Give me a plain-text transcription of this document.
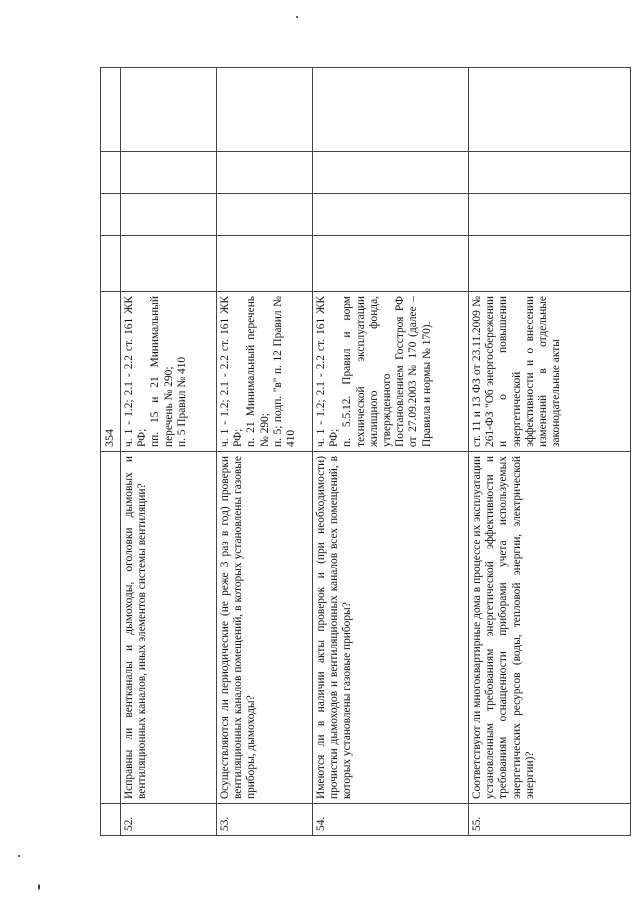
		354				
52.	Исправны ли вентканалы и дымоходы, оголовки дымовых и вентиляционных каналов, иных элементов системы вентиляции?	ч. 1 - 1.2; 2.1 - 2.2 ст. 161 ЖК РФ; пп. 15 и 21 Минимальный перечень № 290; п. 5 Правил № 410				

53.	Осуществляются ли периодические (не реже 3 раз в год) проверки вентиляционных каналов помещений, в которых установлены газовые приборы, дымоходы?	ч. 1 - 1.2; 2.1 - 2.2 ст. 161 ЖК РФ; п. 21 Минимальный перечень № 290; п. 5; подп. "в" п. 12 Правил № 410				

54.	Имеются ли в наличии акты проверок и (при необходимости) прочистки дымоходов и вентиляционных каналов всех помещений, в которых установлены газовые приборы?	ч. 1 - 1.2; 2.1 - 2.2 ст. 161 ЖК РФ; п. 5.5.12. Правил и норм технической эксплуатации жилищного фонда, утвержденного Постановлением Госстроя РФ от 27.09.2003 № 170 (далее – Правила и нормы № 170).				

55.	Соответствуют ли многоквартирные дома в процессе их эксплуатации установленным требованиям энергетической эффективности и требованиям оснащенности приборами учета используемых энергетических ресурсов (воды, тепловой энергии, электрической энергии)?	ст. 11 и 13 ФЗ от 23.11.2009 № 261-ФЗ "Об энергосбережении и о повышении энергетической эффективности и о внесении изменений в отдельные законодательные акты				
